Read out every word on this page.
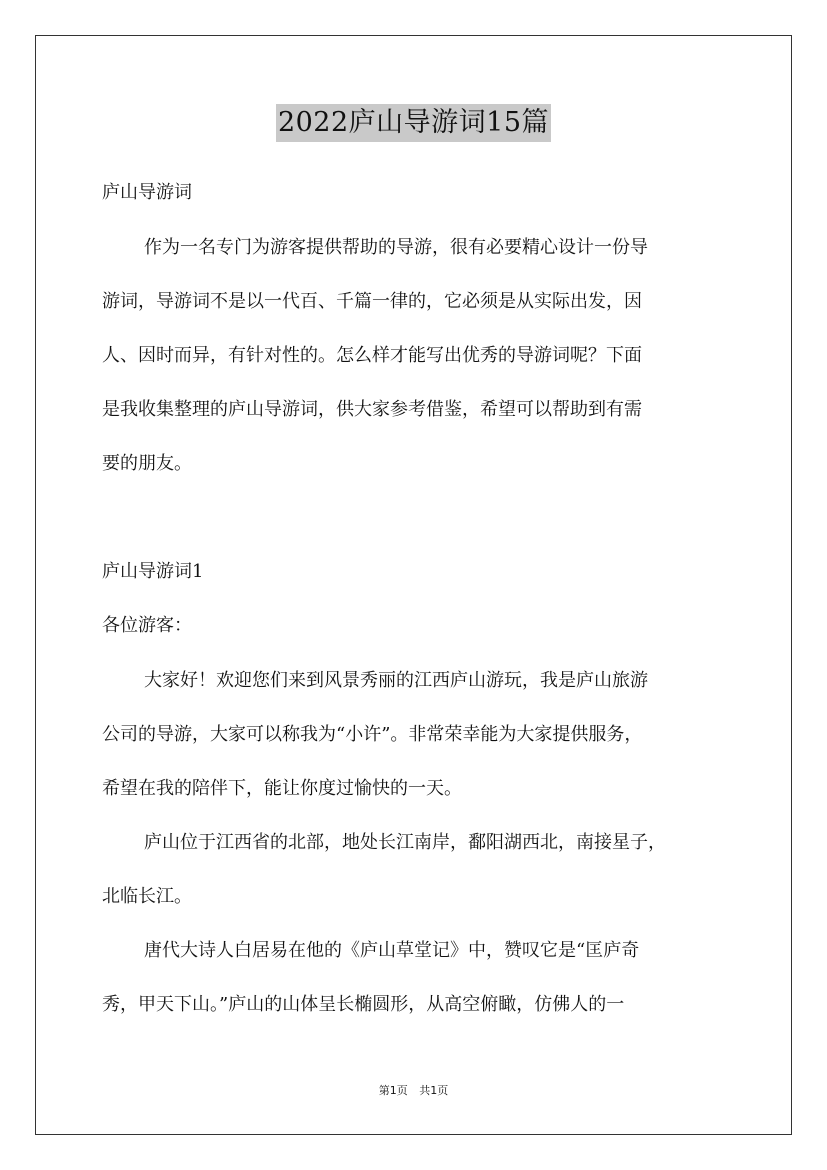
2022庐山导游词15篇
庐山导游词
作为一名专门为游客提供帮助的导游，很有必要精心设计一份导
游词，导游词不是以一代百、千篇一律的，它必须是从实际出发，因
人、因时而异，有针对性的。怎么样才能写出优秀的导游词呢？下面
是我收集整理的庐山导游词，供大家参考借鉴，希望可以帮助到有需
要的朋友。
庐山导游词1
各位游客：
大家好！欢迎您们来到风景秀丽的江西庐山游玩，我是庐山旅游
公司的导游，大家可以称我为“小许”。非常荣幸能为大家提供服务，
希望在我的陪伴下，能让你度过愉快的一天。
庐山位于江西省的北部，地处长江南岸，鄱阳湖西北，南接星子，
北临长江。
唐代大诗人白居易在他的《庐山草堂记》中，赞叹它是“匡庐奇
秀，甲天下山。”庐山的山体呈长椭圆形，从高空俯瞰，仿佛人的一
第1页 共1页
